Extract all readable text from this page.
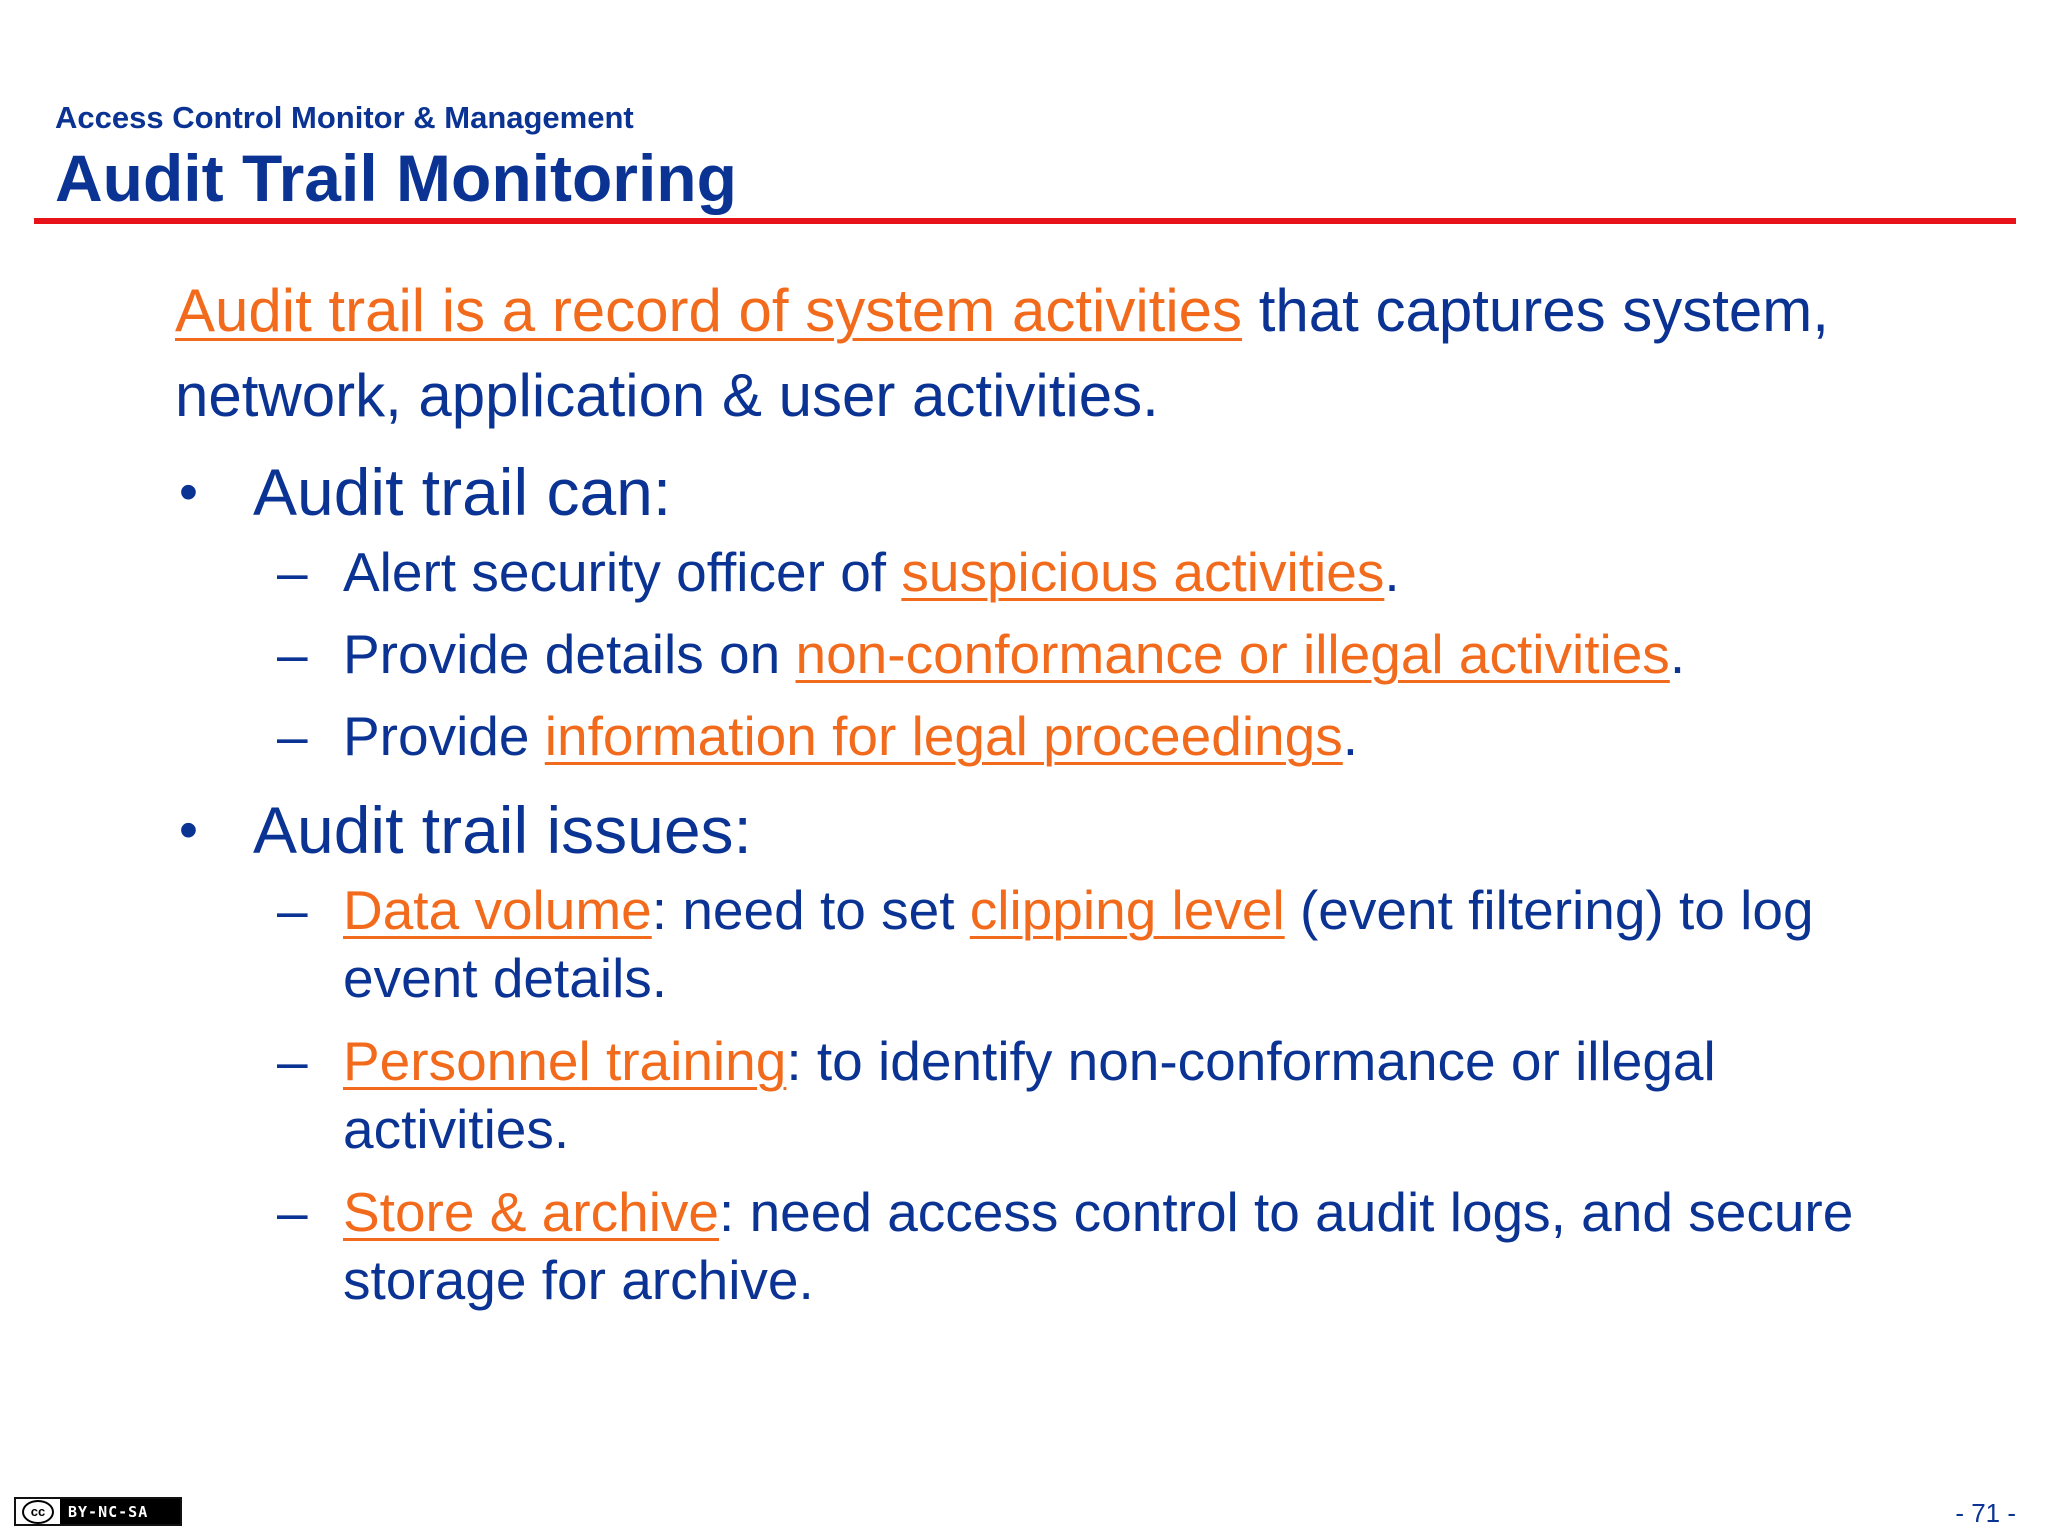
Access Control Monitor & Management
Audit Trail Monitoring

Audit trail is a record of system activities that captures system, network, application & user activities.

• Audit trail can:
– Alert security officer of suspicious activities.
– Provide details on non-conformance or illegal activities.
– Provide information for legal proceedings.
• Audit trail issues:
– Data volume: need to set clipping level (event filtering) to log event details.
– Personnel training: to identify non-conformance or illegal activities.
– Store & archive: need access control to audit logs, and secure storage for archive.
cc	BY-NC-SA	- 71 -
